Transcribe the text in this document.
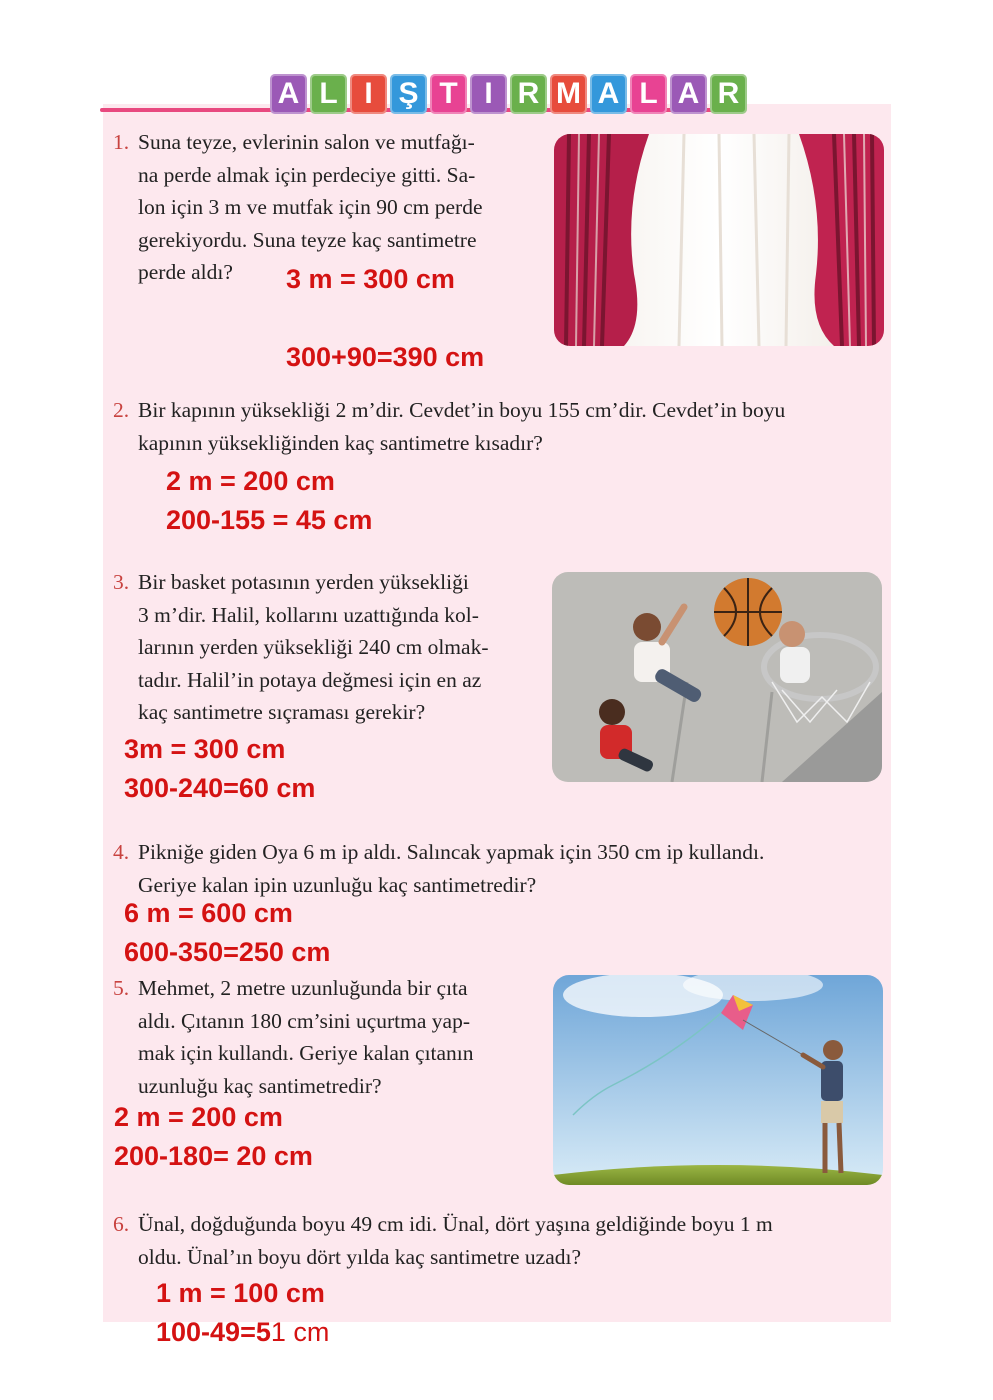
A L I Ş T I R M A L A R
1. Suna teyze, evlerinin salon ve mutfağı-
na perde almak için perdeciye gitti. Sa-
lon için 3 m ve mutfak için 90 cm perde
gerekiyordu. Suna teyze kaç santimetre
perde aldı?	3 m = 300 cm
300+90=390 cm
2. Bir kapının yüksekliği 2 m’dir. Cevdet’in boyu 155 cm’dir. Cevdet’in boyu
kapının yüksekliğinden kaç santimetre kısadır?
2 m = 200 cm
200-155 = 45 cm
3. Bir basket potasının yerden yüksekliği
3 m’dir. Halil, kollarını uzattığında kol-
larının yerden yüksekliği 240 cm olmak-
tadır. Halil’in potaya değmesi için en az
kaç santimetre sıçraması gerekir?
3m = 300 cm
300-240=60 cm
4. Pikniğe giden Oya 6 m ip aldı. Salıncak yapmak için 350 cm ip kullandı.
Geriye kalan ipin uzunluğu kaç santimetredir?
6 m = 600 cm
600-350=250 cm
5. Mehmet, 2 metre uzunluğunda bir çıta
aldı. Çıtanın 180 cm’sini uçurtma yap-
mak için kullandı. Geriye kalan çıtanın
uzunluğu kaç santimetredir?
2 m = 200 cm
200-180= 20 cm
6. Ünal, doğduğunda boyu 49 cm idi. Ünal, dört yaşına geldiğinde boyu 1 m
oldu. Ünal’ın boyu dört yılda kaç santimetre uzadı?
1 m = 100 cm
100-49=51 cm
